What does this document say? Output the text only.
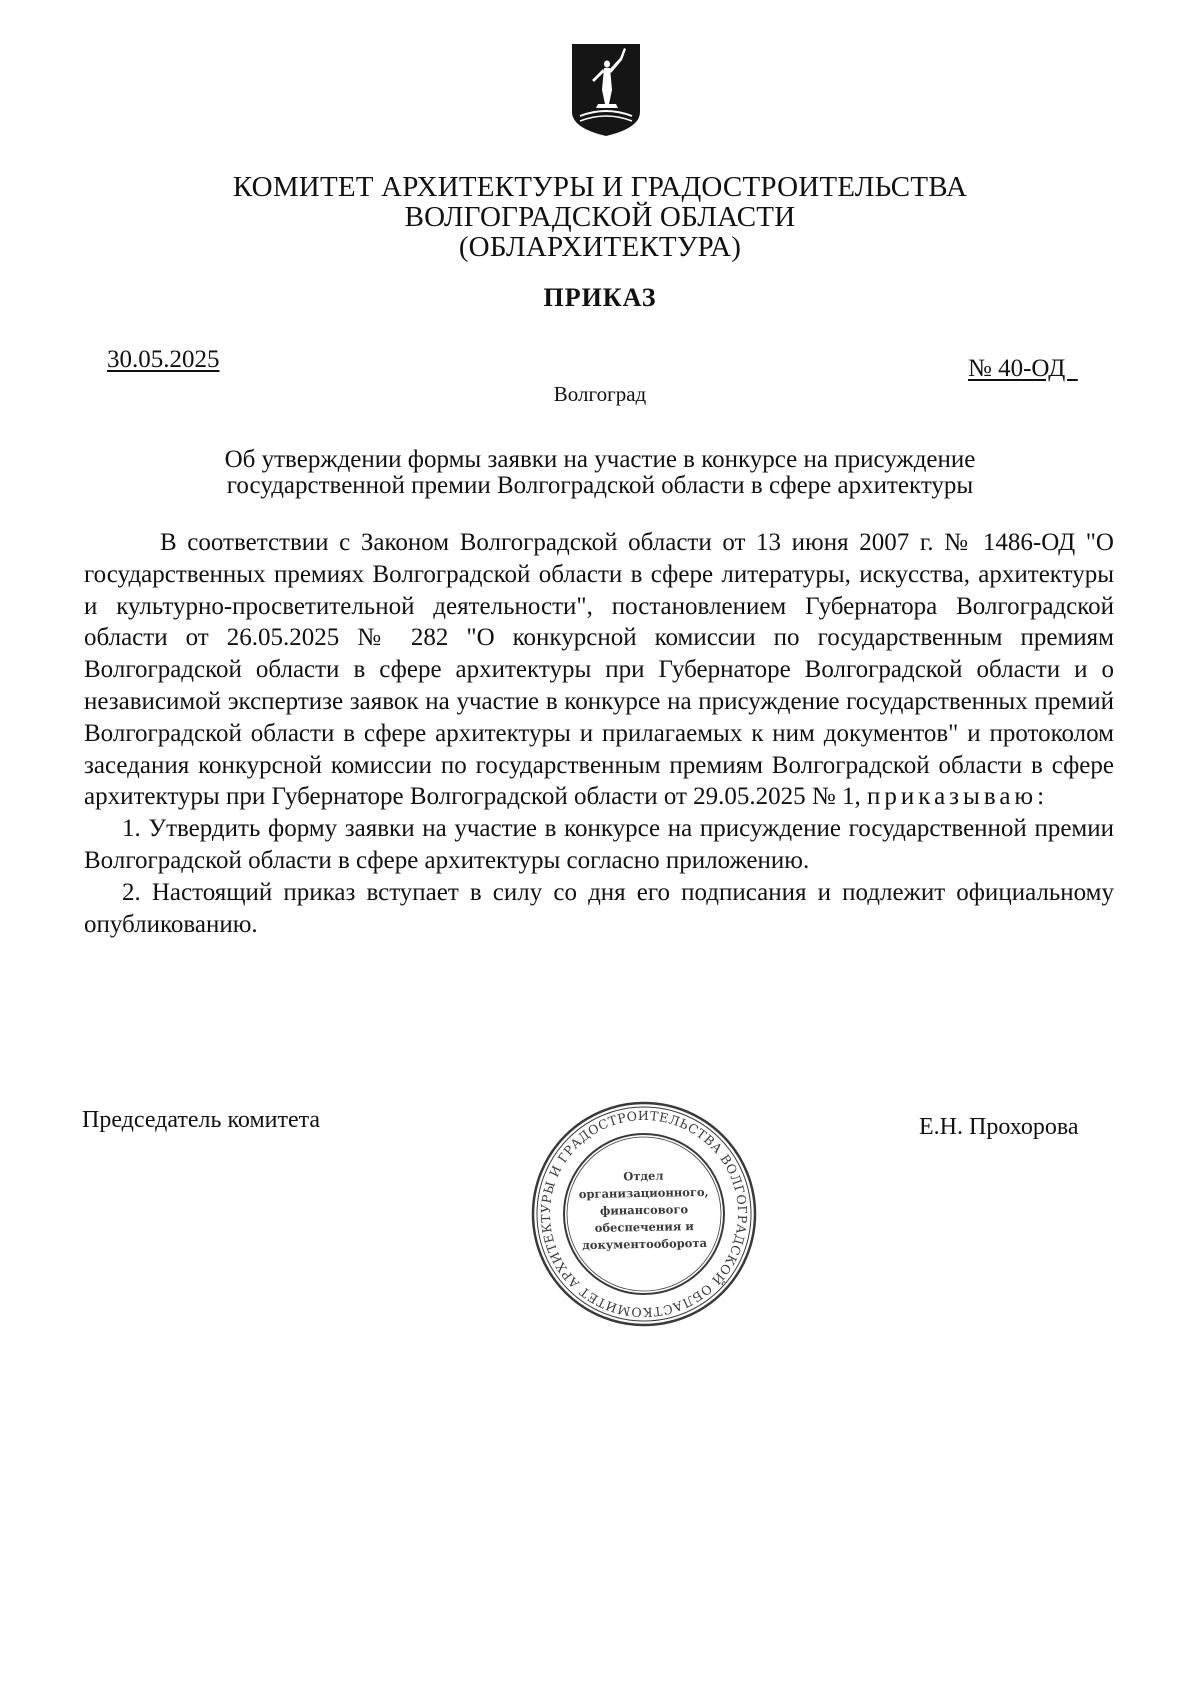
КОМИТЕТ АРХИТЕКТУРЫ И ГРАДОСТРОИТЕЛЬСТВА
ВОЛГОГРАДСКОЙ ОБЛАСТИ
(ОБЛАРХИТЕКТУРА)
ПРИКАЗ
30.05.2025	№ 40-ОД
Волгоград
Об утверждении формы заявки на участие в конкурсе на присуждение
государственной премии Волгоградской области в сфере архитектуры

В соответствии с Законом Волгоградской области от 13 июня 2007 г. № 1486-ОД "О государственных премиях Волгоградской области в сфере литературы, искусства, архитектуры и культурно-просветительной деятельности", постановлением Губернатора Волгоградской области от 26.05.2025 № 282 "О конкурсной комиссии по государственным премиям Волгоградской области в сфере архитектуры при Губернаторе Волгоградской области и о независимой экспертизе заявок на участие в конкурсе на присуждение государственных премий Волгоградской области в сфере архитектуры и прилагаемых к ним документов" и протоколом заседания конкурсной комиссии по государственным премиям Волгоградской области в сфере архитектуры при Губернаторе Волгоградской области от 29.05.2025 № 1, приказываю:

1. Утвердить форму заявки на участие в конкурсе на присуждение государственной премии Волгоградской области в сфере архитектуры согласно приложению.

2. Настоящий приказ вступает в силу со дня его подписания и подлежит официальному опубликованию.

Председатель комитета	Е.Н. Прохорова
КОМИТЕТ АРХИТЕКТУРЫ И ГРАДОСТРОИТЕЛЬСТВА ВОЛГОГРАДСКОЙ ОБЛАСТИ
Отдел
организационного,
финансового
обеспечения и
документооборота
